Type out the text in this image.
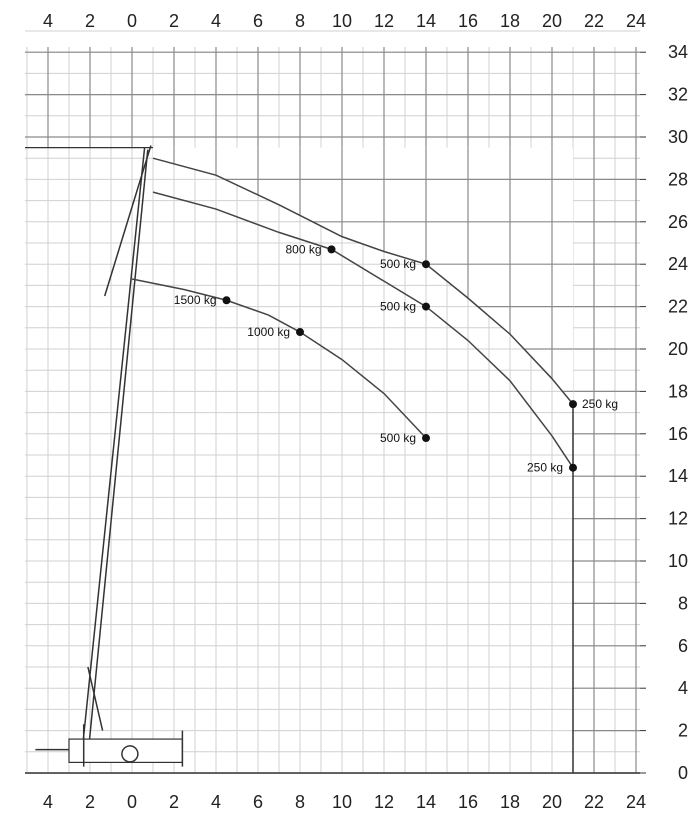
800 kg
500 kg
1500 kg	500 kg
1000 kg
250 kg
500 kg
250 kg
4 2 0 2 4 6 8 10 12 14 16 18 20 22 24
4 2 0 2 4 6 8 10 12 14 16 18 20 22 24
0
2
4
6
8
10
12
14
16
18
20
22
24
26
28
30
32
34
